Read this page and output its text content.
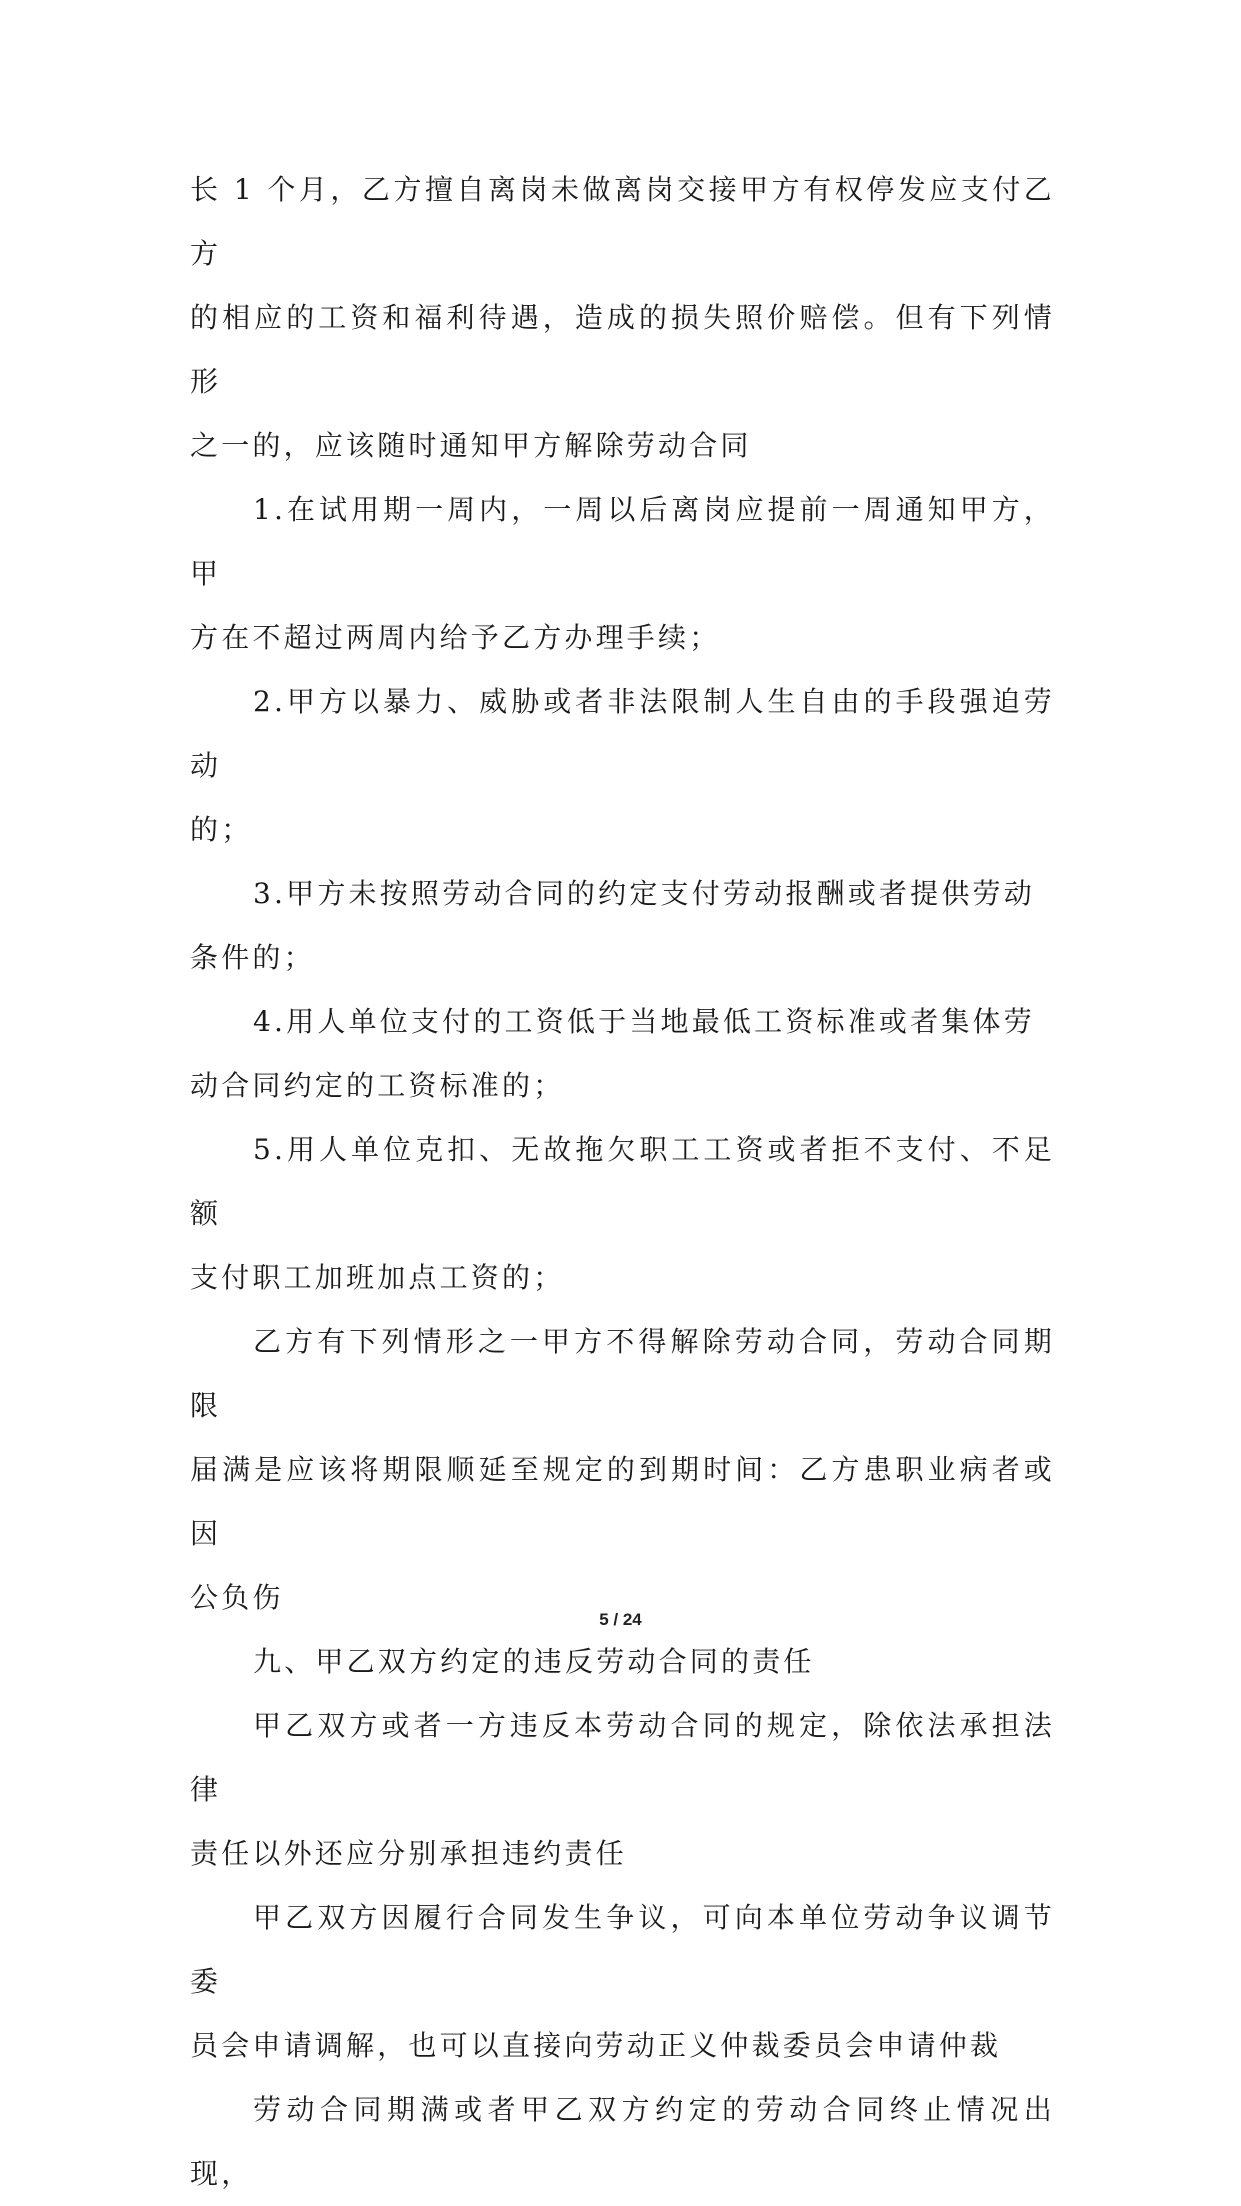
长 1 个月，乙方擅自离岗未做离岗交接甲方有权停发应支付乙方

的相应的工资和福利待遇，造成的损失照价赔偿。但有下列情形

之一的，应该随时通知甲方解除劳动合同

1.在试用期一周内，一周以后离岗应提前一周通知甲方，甲

方在不超过两周内给予乙方办理手续；

2.甲方以暴力、威胁或者非法限制人生自由的手段强迫劳动

的；

3.甲方未按照劳动合同的约定支付劳动报酬或者提供劳动

条件的；

4.用人单位支付的工资低于当地最低工资标准或者集体劳

动合同约定的工资标准的；

5.用人单位克扣、无故拖欠职工工资或者拒不支付、不足额

支付职工加班加点工资的；

乙方有下列情形之一甲方不得解除劳动合同，劳动合同期限

届满是应该将期限顺延至规定的到期时间：乙方患职业病者或因

公负伤

九、甲乙双方约定的违反劳动合同的责任

甲乙双方或者一方违反本劳动合同的规定，除依法承担法律

责任以外还应分别承担违约责任

甲乙双方因履行合同发生争议，可向本单位劳动争议调节委

员会申请调解，也可以直接向劳动正义仲裁委员会申请仲裁

劳动合同期满或者甲乙双方约定的劳动合同终止情况出现，

5 / 24
